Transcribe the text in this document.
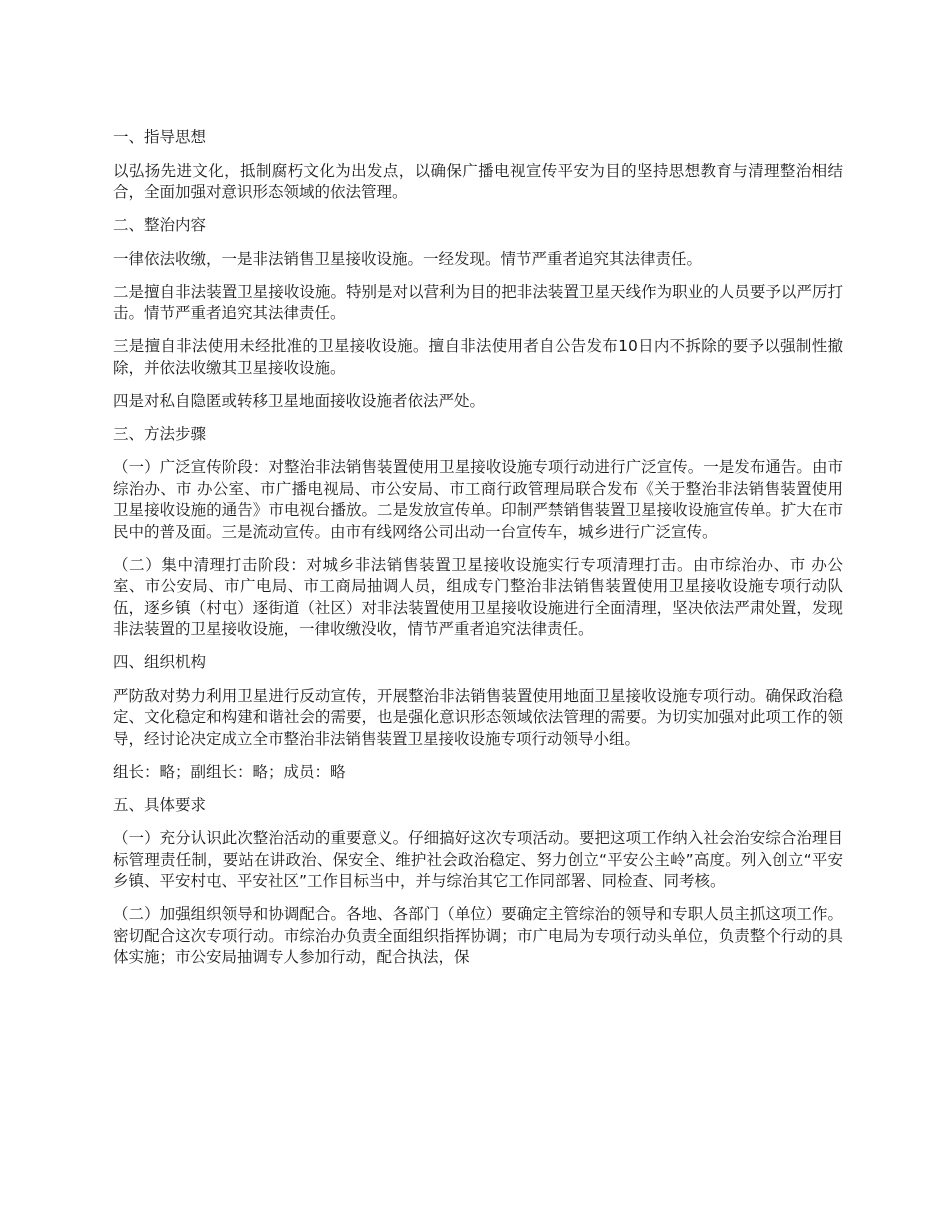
一、指导思想

以弘扬先进文化，抵制腐朽文化为出发点，以确保广播电视宣传平安为目的坚持思想教育与清理整治相结合，全面加强对意识形态领域的依法管理。

二、整治内容

一律依法收缴，一是非法销售卫星接收设施。一经发现。情节严重者追究其法律责任。

二是擅自非法装置卫星接收设施。特别是对以营利为目的把非法装置卫星天线作为职业的人员要予以严厉打击。情节严重者追究其法律责任。

三是擅自非法使用未经批准的卫星接收设施。擅自非法使用者自公告发布10日内不拆除的要予以强制性撤除，并依法收缴其卫星接收设施。

四是对私自隐匿或转移卫星地面接收设施者依法严处。

三、方法步骤

（一）广泛宣传阶段：对整治非法销售装置使用卫星接收设施专项行动进行广泛宣传。一是发布通告。由市综治办、市 办公室、市广播电视局、市公安局、市工商行政管理局联合发布《关于整治非法销售装置使用卫星接收设施的通告》市电视台播放。二是发放宣传单。印制严禁销售装置卫星接收设施宣传单。扩大在市民中的普及面。三是流动宣传。由市有线网络公司出动一台宣传车，城乡进行广泛宣传。

（二）集中清理打击阶段：对城乡非法销售装置卫星接收设施实行专项清理打击。由市综治办、市 办公室、市公安局、市广电局、市工商局抽调人员，组成专门整治非法销售装置使用卫星接收设施专项行动队伍，逐乡镇（村屯）逐街道（社区）对非法装置使用卫星接收设施进行全面清理，坚决依法严肃处置，发现非法装置的卫星接收设施，一律收缴没收，情节严重者追究法律责任。

四、组织机构

严防敌对势力利用卫星进行反动宣传，开展整治非法销售装置使用地面卫星接收设施专项行动。确保政治稳定、文化稳定和构建和谐社会的需要，也是强化意识形态领域依法管理的需要。为切实加强对此项工作的领导，经讨论决定成立全市整治非法销售装置卫星接收设施专项行动领导小组。

组长：略；副组长：略；成员：略

五、具体要求

（一）充分认识此次整治活动的重要意义。仔细搞好这次专项活动。要把这项工作纳入社会治安综合治理目标管理责任制，要站在讲政治、保安全、维护社会政治稳定、努力创立“平安公主岭”高度。列入创立“平安乡镇、平安村屯、平安社区”工作目标当中，并与综治其它工作同部署、同检查、同考核。

（二）加强组织领导和协调配合。各地、各部门（单位）要确定主管综治的领导和专职人员主抓这项工作。密切配合这次专项行动。市综治办负责全面组织指挥协调；市广电局为专项行动头单位，负责整个行动的具体实施；市公安局抽调专人参加行动，配合执法，保
